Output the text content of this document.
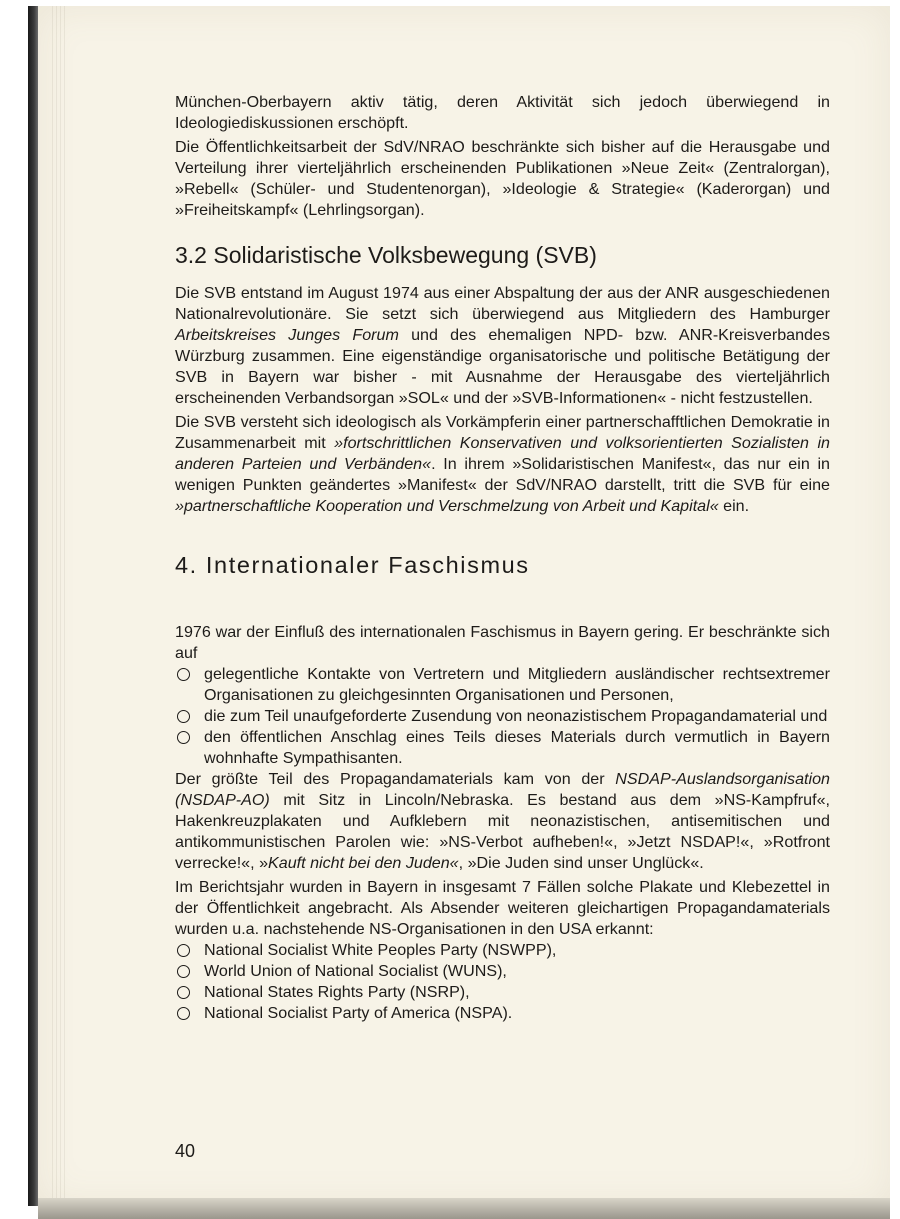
München-Oberbayern aktiv tätig, deren Aktivität sich jedoch überwiegend in Ideologiediskussionen erschöpft.

Die Öffentlichkeitsarbeit der SdV/NRAO beschränkte sich bisher auf die Herausgabe und Verteilung ihrer vierteljährlich erscheinenden Publikationen »Neue Zeit« (Zentralorgan), »Rebell« (Schüler- und Studentenorgan), »Ideologie & Strategie« (Kaderorgan) und »Freiheitskampf« (Lehrlingsorgan).

3.2 Solidaristische Volksbewegung (SVB)

Die SVB entstand im August 1974 aus einer Abspaltung der aus der ANR ausgeschiedenen Nationalrevolutionäre. Sie setzt sich überwiegend aus Mitgliedern des Hamburger Arbeitskreises Junges Forum und des ehemaligen NPD- bzw. ANR-Kreisverbandes Würzburg zusammen. Eine eigenständige organisatorische und politische Betätigung der SVB in Bayern war bisher - mit Ausnahme der Herausgabe des vierteljährlich erscheinenden Verbandsorgan »SOL« und der »SVB-Informationen« - nicht festzustellen.

Die SVB versteht sich ideologisch als Vorkämpferin einer partnerschafftlichen Demokratie in Zusammenarbeit mit »fortschrittlichen Konservativen und volksorientierten Sozialisten in anderen Parteien und Verbänden«. In ihrem »Solidaristischen Manifest«, das nur ein in wenigen Punkten geändertes »Manifest« der SdV/NRAO darstellt, tritt die SVB für eine »partnerschaftliche Kooperation und Verschmelzung von Arbeit und Kapital« ein.

4. Internationaler Faschismus

1976 war der Einfluß des internationalen Faschismus in Bayern gering. Er beschränkte sich auf

gelegentliche Kontakte von Vertretern und Mitgliedern ausländischer rechtsextremer Organisationen zu gleichgesinnten Organisationen und Personen,
die zum Teil unaufgeforderte Zusendung von neonazistischem Propagandamaterial und
den öffentlichen Anschlag eines Teils dieses Materials durch vermutlich in Bayern wohnhafte Sympathisanten.

Der größte Teil des Propagandamaterials kam von der NSDAP-Auslandsorganisation (NSDAP-AO) mit Sitz in Lincoln/Nebraska. Es bestand aus dem »NS-Kampfruf«, Hakenkreuzplakaten und Aufklebern mit neonazistischen, antisemitischen und antikommunistischen Parolen wie: »NS-Verbot aufheben!«, »Jetzt NSDAP!«, »Rotfront verrecke!«, »Kauft nicht bei den Juden«, »Die Juden sind unser Unglück«.

Im Berichtsjahr wurden in Bayern in insgesamt 7 Fällen solche Plakate und Klebezettel in der Öffentlichkeit angebracht. Als Absender weiteren gleichartigen Propagandamaterials wurden u.a. nachstehende NS-Organisationen in den USA erkannt:

National Socialist White Peoples Party (NSWPP),
World Union of National Socialist (WUNS),
National States Rights Party (NSRP),
National Socialist Party of America (NSPA).
40
